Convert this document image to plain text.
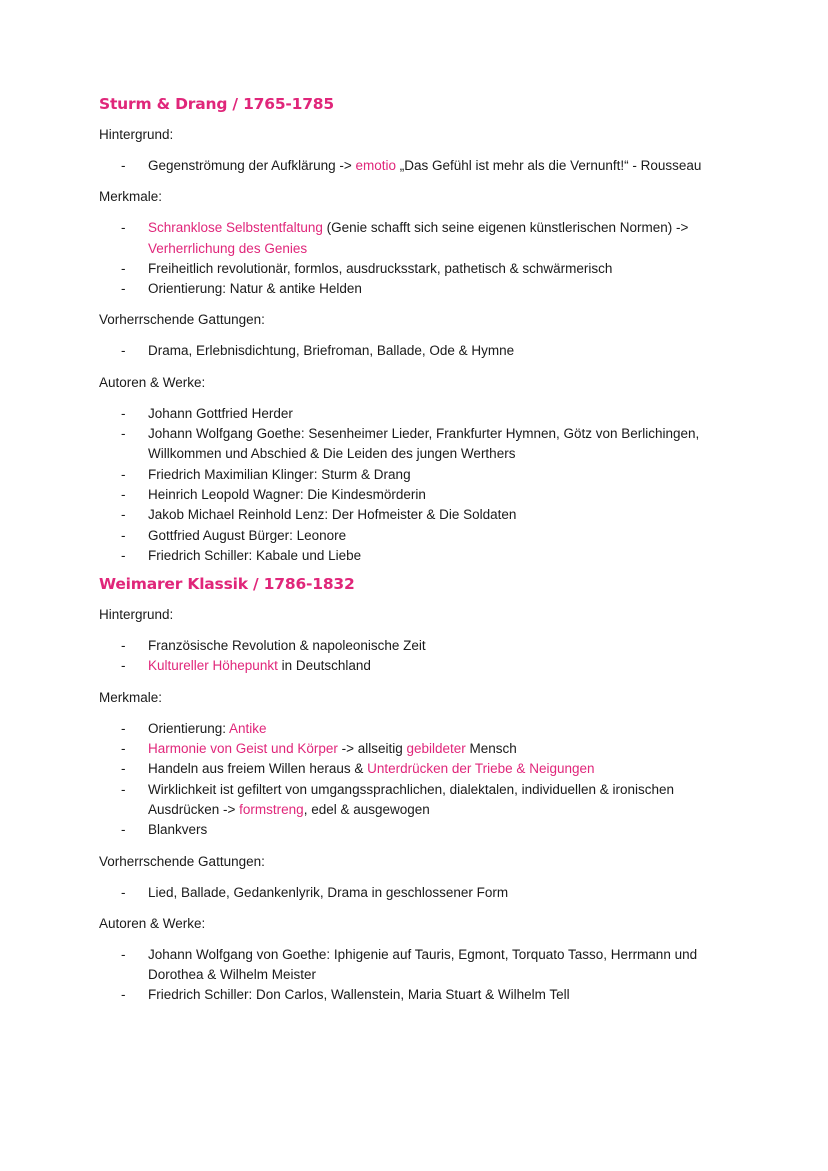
Sturm & Drang / 1765-1785

Hintergrund:

- Gegenströmung der Aufklärung -> emotio „Das Gefühl ist mehr als die Vernunft!“ - Rousseau

Merkmale:

- Schranklose Selbstentfaltung (Genie schafft sich seine eigenen künstlerischen Normen) -> Verherrlichung des Genies
- Freiheitlich revolutionär, formlos, ausdrucksstark, pathetisch & schwärmerisch
- Orientierung: Natur & antike Helden

Vorherrschende Gattungen:

- Drama, Erlebnisdichtung, Briefroman, Ballade, Ode & Hymne

Autoren & Werke:

- Johann Gottfried Herder
- Johann Wolfgang Goethe: Sesenheimer Lieder, Frankfurter Hymnen, Götz von Berlichingen, Willkommen und Abschied & Die Leiden des jungen Werthers
- Friedrich Maximilian Klinger: Sturm & Drang
- Heinrich Leopold Wagner: Die Kindesmörderin
- Jakob Michael Reinhold Lenz: Der Hofmeister & Die Soldaten
- Gottfried August Bürger: Leonore
- Friedrich Schiller: Kabale und Liebe
Weimarer Klassik / 1786-1832

Hintergrund:

- Französische Revolution & napoleonische Zeit
- Kultureller Höhepunkt in Deutschland

Merkmale:

- Orientierung: Antike
- Harmonie von Geist und Körper -> allseitig gebildeter Mensch
- Handeln aus freiem Willen heraus & Unterdrücken der Triebe & Neigungen
- Wirklichkeit ist gefiltert von umgangssprachlichen, dialektalen, individuellen & ironischen Ausdrücken -> formstreng, edel & ausgewogen
- Blankvers

Vorherrschende Gattungen:

- Lied, Ballade, Gedankenlyrik, Drama in geschlossener Form

Autoren & Werke:

- Johann Wolfgang von Goethe: Iphigenie auf Tauris, Egmont, Torquato Tasso, Herrmann und Dorothea & Wilhelm Meister
- Friedrich Schiller: Don Carlos, Wallenstein, Maria Stuart & Wilhelm Tell
